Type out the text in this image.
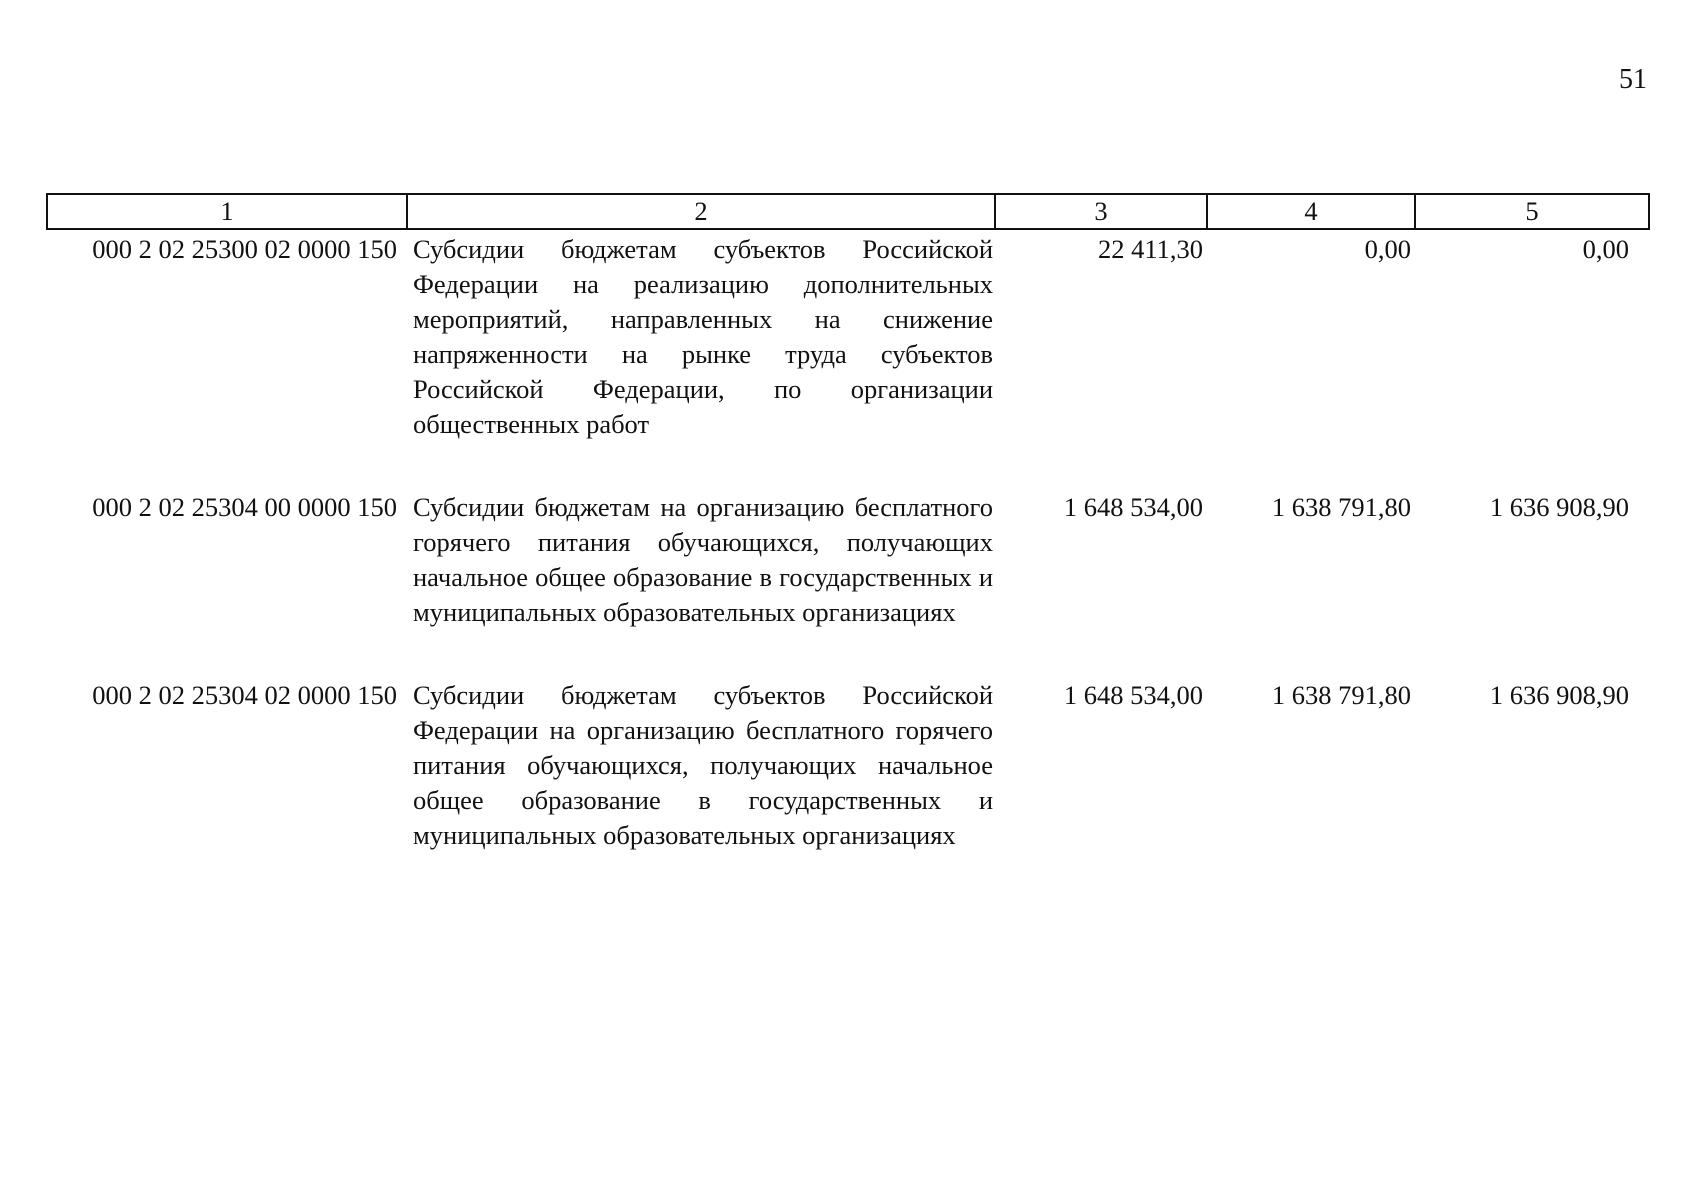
51
1	2	3	4	5
000 2 02 25300 02 0000 150	Субсидии бюджетам субъектов Российской Федерации на реализацию дополнительных мероприятий, направленных на снижение напряженности на рынке труда субъектов Российской Федерации, по организации общественных работ	22 411,30	0,00	0,00
000 2 02 25304 00 0000 150	Субсидии бюджетам на организацию бесплатного горячего питания обучающихся, получающих начальное общее образование в государственных и муниципальных образовательных организациях	1 648 534,00	1 638 791,80	1 636 908,90
000 2 02 25304 02 0000 150	Субсидии бюджетам субъектов Российской Федерации на организацию бесплатного горячего питания обучающихся, получающих начальное общее образование в государственных и муниципальных образовательных организациях	1 648 534,00	1 638 791,80	1 636 908,90
